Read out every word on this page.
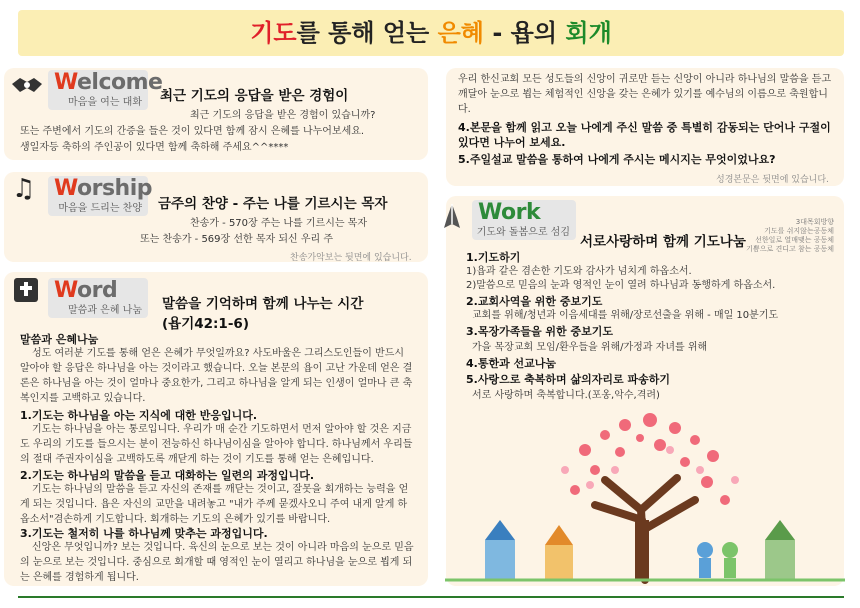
기도를 통해 얻는 은혜 - 욥의 회개
Welcome
마음을 여는 대화 최근 기도의 응답을 받은 경험이
최근 기도의 응답을 받은 경험이 있습니까?
또는 주변에서 기도의 간증을 들은 것이 있다면 함께 잠시 은혜를 나누어보세요.
생일자등 축하의 주인공이 있다면 함께 축하해 주세요^^****
♫ Worship
마음을 드리는 찬양 금주의 찬양 - 주는 나를 기르시는 목자
찬송가 - 570장 주는 나를 기르시는 목자
또는 찬송가 - 569장 선한 목자 되신 우리 주
찬송가악보는 뒷면에 있습니다.
Word
말씀과 은혜 나눔 말씀을 기억하며 함께 나누는 시간
(욥기42:1-6)
말씀과 은혜나눔
성도 여러분 기도를 통해 얻은 은혜가 무엇일까요? 사도바울은 그리스도인들이 반드시 알아야 할 응답은 하나님을 아는 것이라고 했습니다. 오늘 본문의 욥이 고난 가운데 얻은 결론은 하나님을 아는 것이 얼마나 중요한가, 그리고 하나님을 알게 되는 인생이 얼마나 큰 축복인지를 고백하고 있습니다.
1.기도는 하나님을 아는 지식에 대한 반응입니다.
기도는 하나님을 아는 통로입니다. 우리가 매 순간 기도하면서 먼저 알아야 할 것은 지금도 우리의 기도를 들으시는 분이 전능하신 하나님이심을 알아야 합니다. 하나님께서 우리들의 절대 주권자이심을 고백하도록 깨닫게 하는 것이 기도를 통해 얻는 은혜입니다.
2.기도는 하나님의 말씀을 듣고 대화하는 일련의 과정입니다.
기도는 하나님의 말씀을 듣고 자신의 존재를 깨닫는 것이고, 잘못을 회개하는 능력을 얻게 되는 것입니다. 욥은 자신의 교만을 내려놓고 "내가 주께 묻겠사오니 주여 내게 알게 하옵소서"겸손하게 기도합니다. 회개하는 기도의 은혜가 있기를 바랍니다.
3.기도는 철저히 나를 하나님께 맞추는 과정입니다.
신앙은 무엇입니까? 보는 것입니다. 육신의 눈으로 보는 것이 아니라 마음의 눈으로 믿음의 눈으로 보는 것입니다. 중심으로 회개할 때 영적인 눈이 열리고 하나님을 눈으로 뵙게 되는 은혜를 경험하게 됩니다.
우리 한신교회 모든 성도들의 신앙이 귀로만 듣는 신앙이 아니라 하나님의 말씀을 듣고 깨달아 눈으로 뵙는 체험적인 신앙을 갖는 은혜가 있기를 예수님의 이름으로 축원합니다.
4.본문을 함께 읽고 오늘 나에게 주신 말씀 중 특별히 감동되는 단어나 구절이 있다면 나누어 보세요.
5.주일설교 말씀을 통하여 나에게 주시는 메시지는 무엇이었나요?
성경본문은 뒷면에 있습니다.
Work
기도와 돌봄으로 섬김
서로사랑하며 함께 기도나눔
3대목회방향
기도를 쉬지않는공동체
선한일로 열매맺는 공동체
기쁨으로 견디고 참는 공동체
1.기도하기
1)욥과 같은 겸손한 기도와 감사가 넘치게 하옵소서.
2)말씀으로 믿음의 눈과 영적인 눈이 열려 하나님과 동행하게 하옵소서.
2.교회사역을 위한 중보기도
교회를 위해/청년과 이음세대를 위해/장로선출을 위해 - 매일 10분기도
3.목장가족들을 위한 중보기도
가을 목장교회 모임/환우들을 위해/가정과 자녀를 위해
4.통한과 선교나눔
5.사랑으로 축복하며 삶의자리로 파송하기
서로 사랑하며 축복합니다.(포옹,악수,격려)
